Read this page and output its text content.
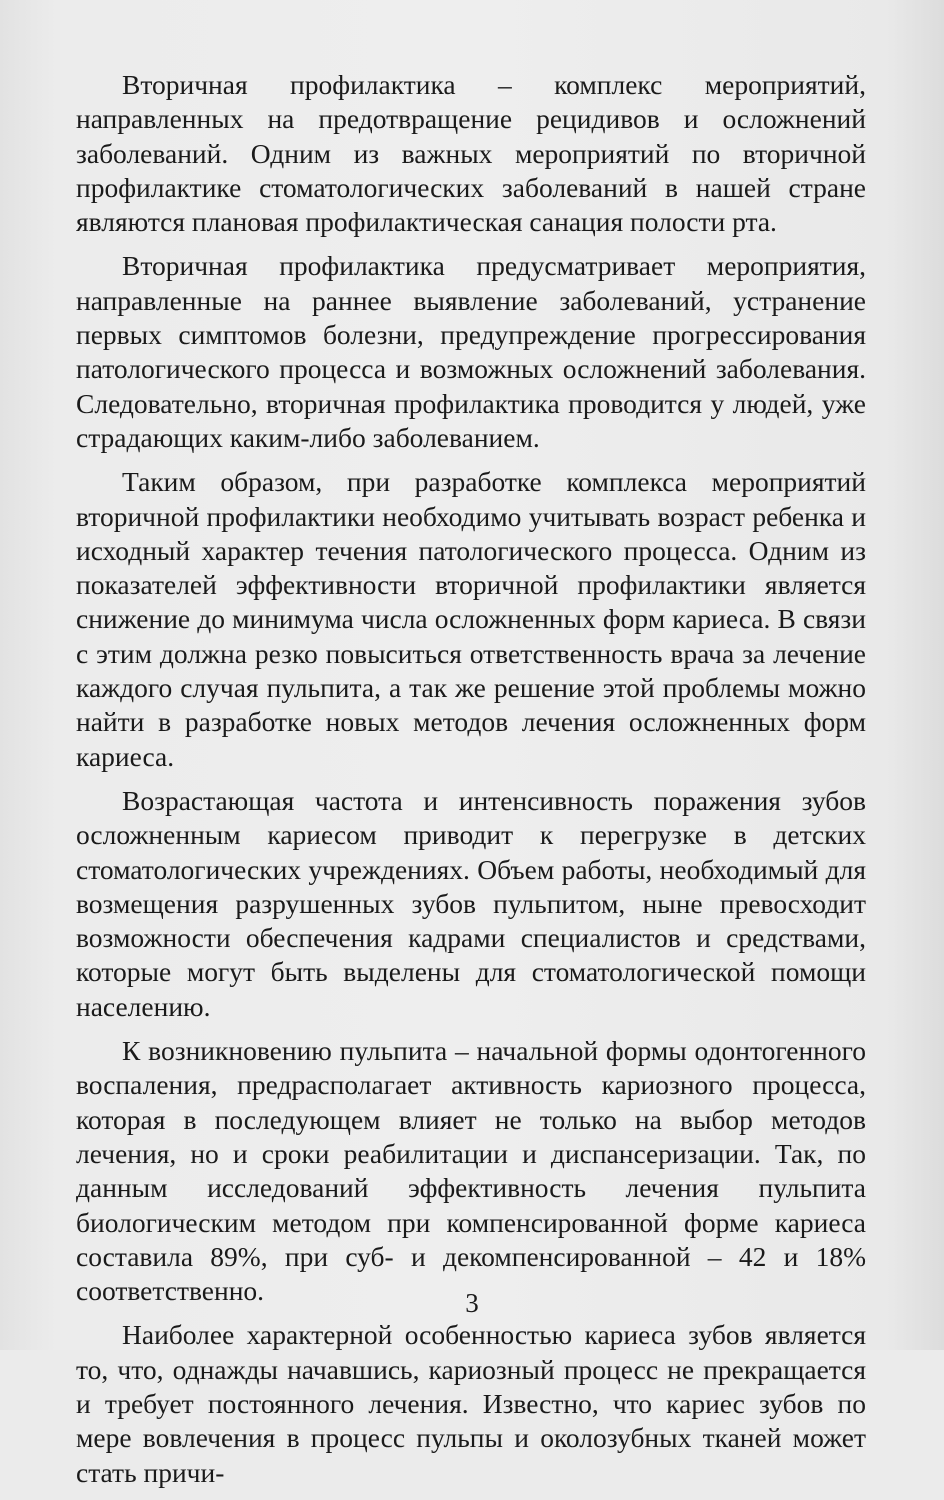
Вторичная профилактика – комплекс мероприятий, направленных на предотвращение рецидивов и осложнений заболеваний. Одним из важных мероприятий по вторичной профилактике стоматологических заболеваний в нашей стране являются плановая профилактическая санация полости рта.

Вторичная профилактика предусматривает мероприятия, направленные на раннее выявление заболеваний, устранение первых симптомов болезни, предупреждение прогрессирования патологического процесса и возможных осложнений заболевания. Следовательно, вторичная профилактика проводится у людей, уже страдающих каким-либо заболеванием.

Таким образом, при разработке комплекса мероприятий вторичной профилактики необходимо учитывать возраст ребенка и исходный характер течения патологического процесса. Одним из показателей эффективности вторичной профилактики является снижение до минимума числа осложненных форм кариеса. В связи с этим должна резко повыситься ответственность врача за лечение каждого случая пульпита, а так же решение этой проблемы можно найти в разработке новых методов лечения осложненных форм кариеса.

Возрастающая частота и интенсивность поражения зубов осложненным кариесом приводит к перегрузке в детских стоматологических учреждениях. Объем работы, необходимый для возмещения разрушенных зубов пульпитом, ныне превосходит возможности обеспечения кадрами специалистов и средствами, которые могут быть выделены для стоматологической помощи населению.

К возникновению пульпита – начальной формы одонтогенного воспаления, предрасполагает активность кариозного процесса, которая в последующем влияет не только на выбор методов лечения, но и сроки реабилитации и диспансеризации. Так, по данным исследований эффективность лечения пульпита биологическим методом при компенсированной форме кариеса составила 89%, при суб- и декомпенсированной – 42 и 18% соответственно.

Наиболее характерной особенностью кариеса зубов является то, что, однажды начавшись, кариозный процесс не прекращается и требует постоянного лечения. Известно, что кариес зубов по мере вовлечения в процесс пульпы и околозубных тканей может стать причи-

3
